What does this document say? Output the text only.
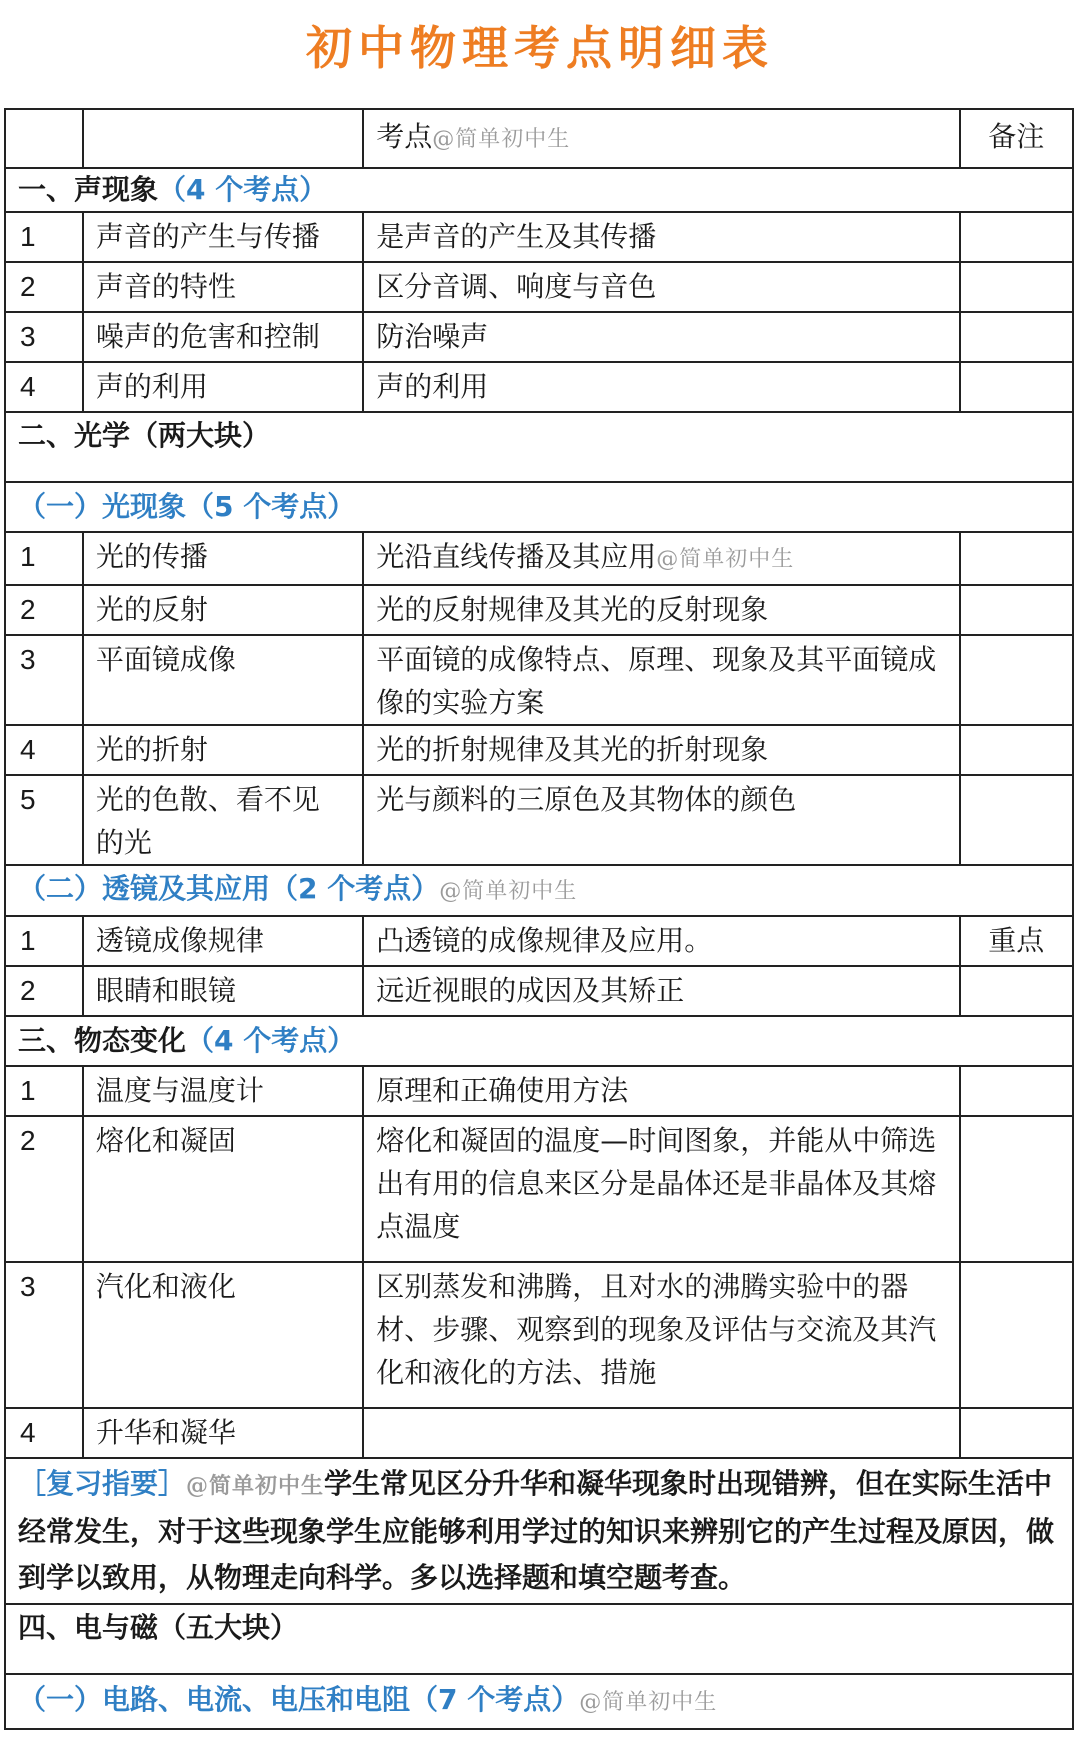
初中物理考点明细表
		考点@简单初中生	备注
一、声现象（4 个考点）			
1	声音的产生与传播	是声音的产生及其传播	
2	声音的特性	区分音调、响度与音色	
3	噪声的危害和控制	防治噪声	
4	声的利用	声的利用	
二、光学（两大块）			
（一）光现象（5 个考点）			
1	光的传播	光沿直线传播及其应用@简单初中生	
2	光的反射	光的反射规律及其光的反射现象	
3	平面镜成像	平面镜的成像特点、原理、现象及其平面镜成像的实验方案	
4	光的折射	光的折射规律及其光的折射现象	
5	光的色散、看不见的光	光与颜料的三原色及其物体的颜色	
（二）透镜及其应用（2 个考点）@简单初中生			
1	透镜成像规律	凸透镜的成像规律及应用。	重点
2	眼睛和眼镜	远近视眼的成因及其矫正	
三、物态变化（4 个考点）			
1	温度与温度计	原理和正确使用方法	
2	熔化和凝固	熔化和凝固的温度—时间图象，并能从中筛选出有用的信息来区分是晶体还是非晶体及其熔点温度	
3	汽化和液化	区别蒸发和沸腾，且对水的沸腾实验中的器材、步骤、观察到的现象及评估与交流及其汽化和液化的方法、措施	
4	升华和凝华		
［复习指要］@简单初中生学生常见区分升华和凝华现象时出现错辨，但在实际生活中经常发生，对于这些现象学生应能够利用学过的知识来辨别它的产生过程及原因，做到学以致用，从物理走向科学。多以选择题和填空题考查。			
四、电与磁（五大块）			
（一）电路、电流、电压和电阻（7 个考点）@简单初中生			
